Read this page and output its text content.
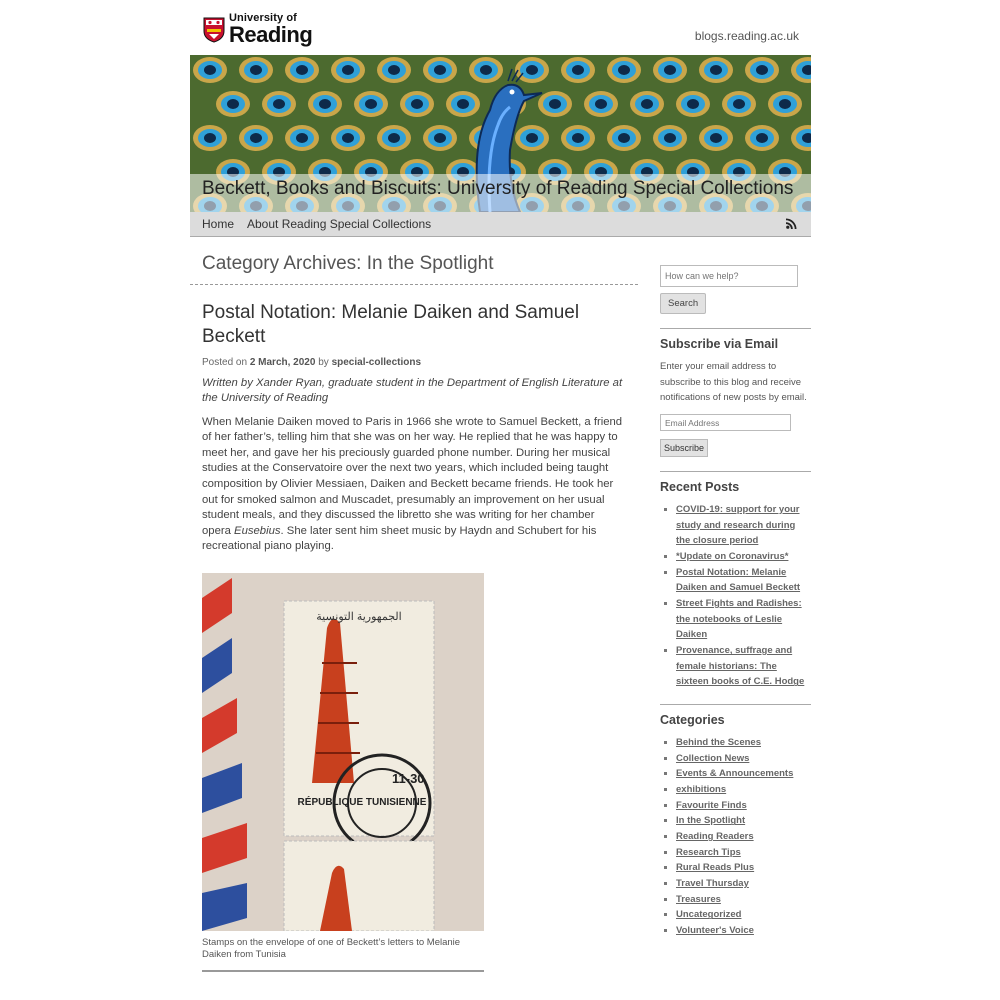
University of
Reading	blogs.reading.ac.uk
Beckett, Books and Biscuits: University of Reading Special Collections
Home About Reading Special Collections
Category Archives: In the Spotlight
Postal Notation: Melanie Daiken and Samuel Beckett
Posted on 2 March, 2020 by special-collections

Written by Xander Ryan, graduate student in the Department of English Literature at the University of Reading

When Melanie Daiken moved to Paris in 1966 she wrote to Samuel Beckett, a friend of her father’s, telling him that she was on her way. He replied that he was happy to meet her, and gave her his preciously guarded phone number. During her musical studies at the Conservatoire over the next two years, which included being taught composition by Olivier Messiaen, Daiken and Beckett became friends. He took her out for smoked salmon and Muscadet, presumably an improvement on her usual student meals, and they discussed the libretto she was writing for her chamber opera Eusebius. She later sent him sheet music by Haydn and Schubert for his recreational piano playing.

الجمهورية التونسية
RÉPUBLIQUE TUNISIENNE
11-30
Stamps on the envelope of one of Beckett’s letters to Melanie Daiken from Tunisia
How can we help?
Search
Subscribe via Email

Enter your email address to subscribe to this blog and receive notifications of new posts by email.

Email Address
Subscribe
Recent Posts
▪ COVID-19: support for your study and research during the closure period
▪ *Update on Coronavirus*
▪ Postal Notation: Melanie Daiken and Samuel Beckett
▪ Street Fights and Radishes: the notebooks of Leslie Daiken
▪ Provenance, suffrage and female historians: The sixteen books of C.E. Hodge
Categories
▪ Behind the Scenes
▪ Collection News
▪ Events & Announcements
▪ exhibitions
▪ Favourite Finds
▪ In the Spotlight
▪ Reading Readers
▪ Research Tips
▪ Rural Reads Plus
▪ Travel Thursday
▪ Treasures
▪ Uncategorized
▪ Volunteer's Voice
